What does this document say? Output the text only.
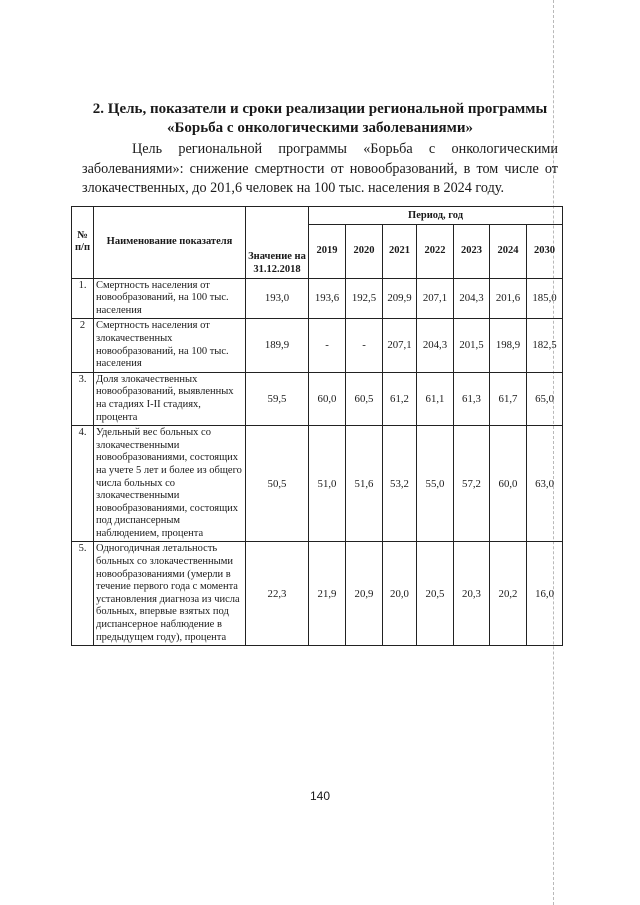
2. Цель, показатели и сроки реализации региональной программы
«Борьба с онкологическими заболеваниями»
Цель региональной программы «Борьба с онкологическими
заболеваниями»: снижение смертности от новообразований, в том числе от
злокачественных, до 201,6 человек на 100 тыс. населения в 2024 году.
№ п/п	Наименование показателя	Значение на 31.12.2018	Период, год						
			2019	2020	2021	2022	2023	2024	2030
1.	Смертность населения от новообразований, на 100 тыс. населения	193,0	193,6	192,5	209,9	207,1	204,3	201,6	185,0
2	Смертность населения от злокачественных новообразований, на 100 тыс. населения	189,9	-	-	207,1	204,3	201,5	198,9	182,5
3.	Доля злокачественных новообразований, выявленных на стадиях I-II стадиях, процента	59,5	60,0	60,5	61,2	61,1	61,3	61,7	65,0
4.	Удельный вес больных со злокачественными новообразованиями, состоящих на учете 5 лет и более из общего числа больных со злокачественными новообразованиями, состоящих под диспансерным наблюдением, процента	50,5	51,0	51,6	53,2	55,0	57,2	60,0	63,0
5.	Одногодичная летальность больных со злокачественными новообразованиями (умерли в течение первого года с момента установления диагноза из числа больных, впервые взятых под диспансерное наблюдение в предыдущем году), процента	22,3	21,9	20,9	20,0	20,5	20,3	20,2	16,0
140
